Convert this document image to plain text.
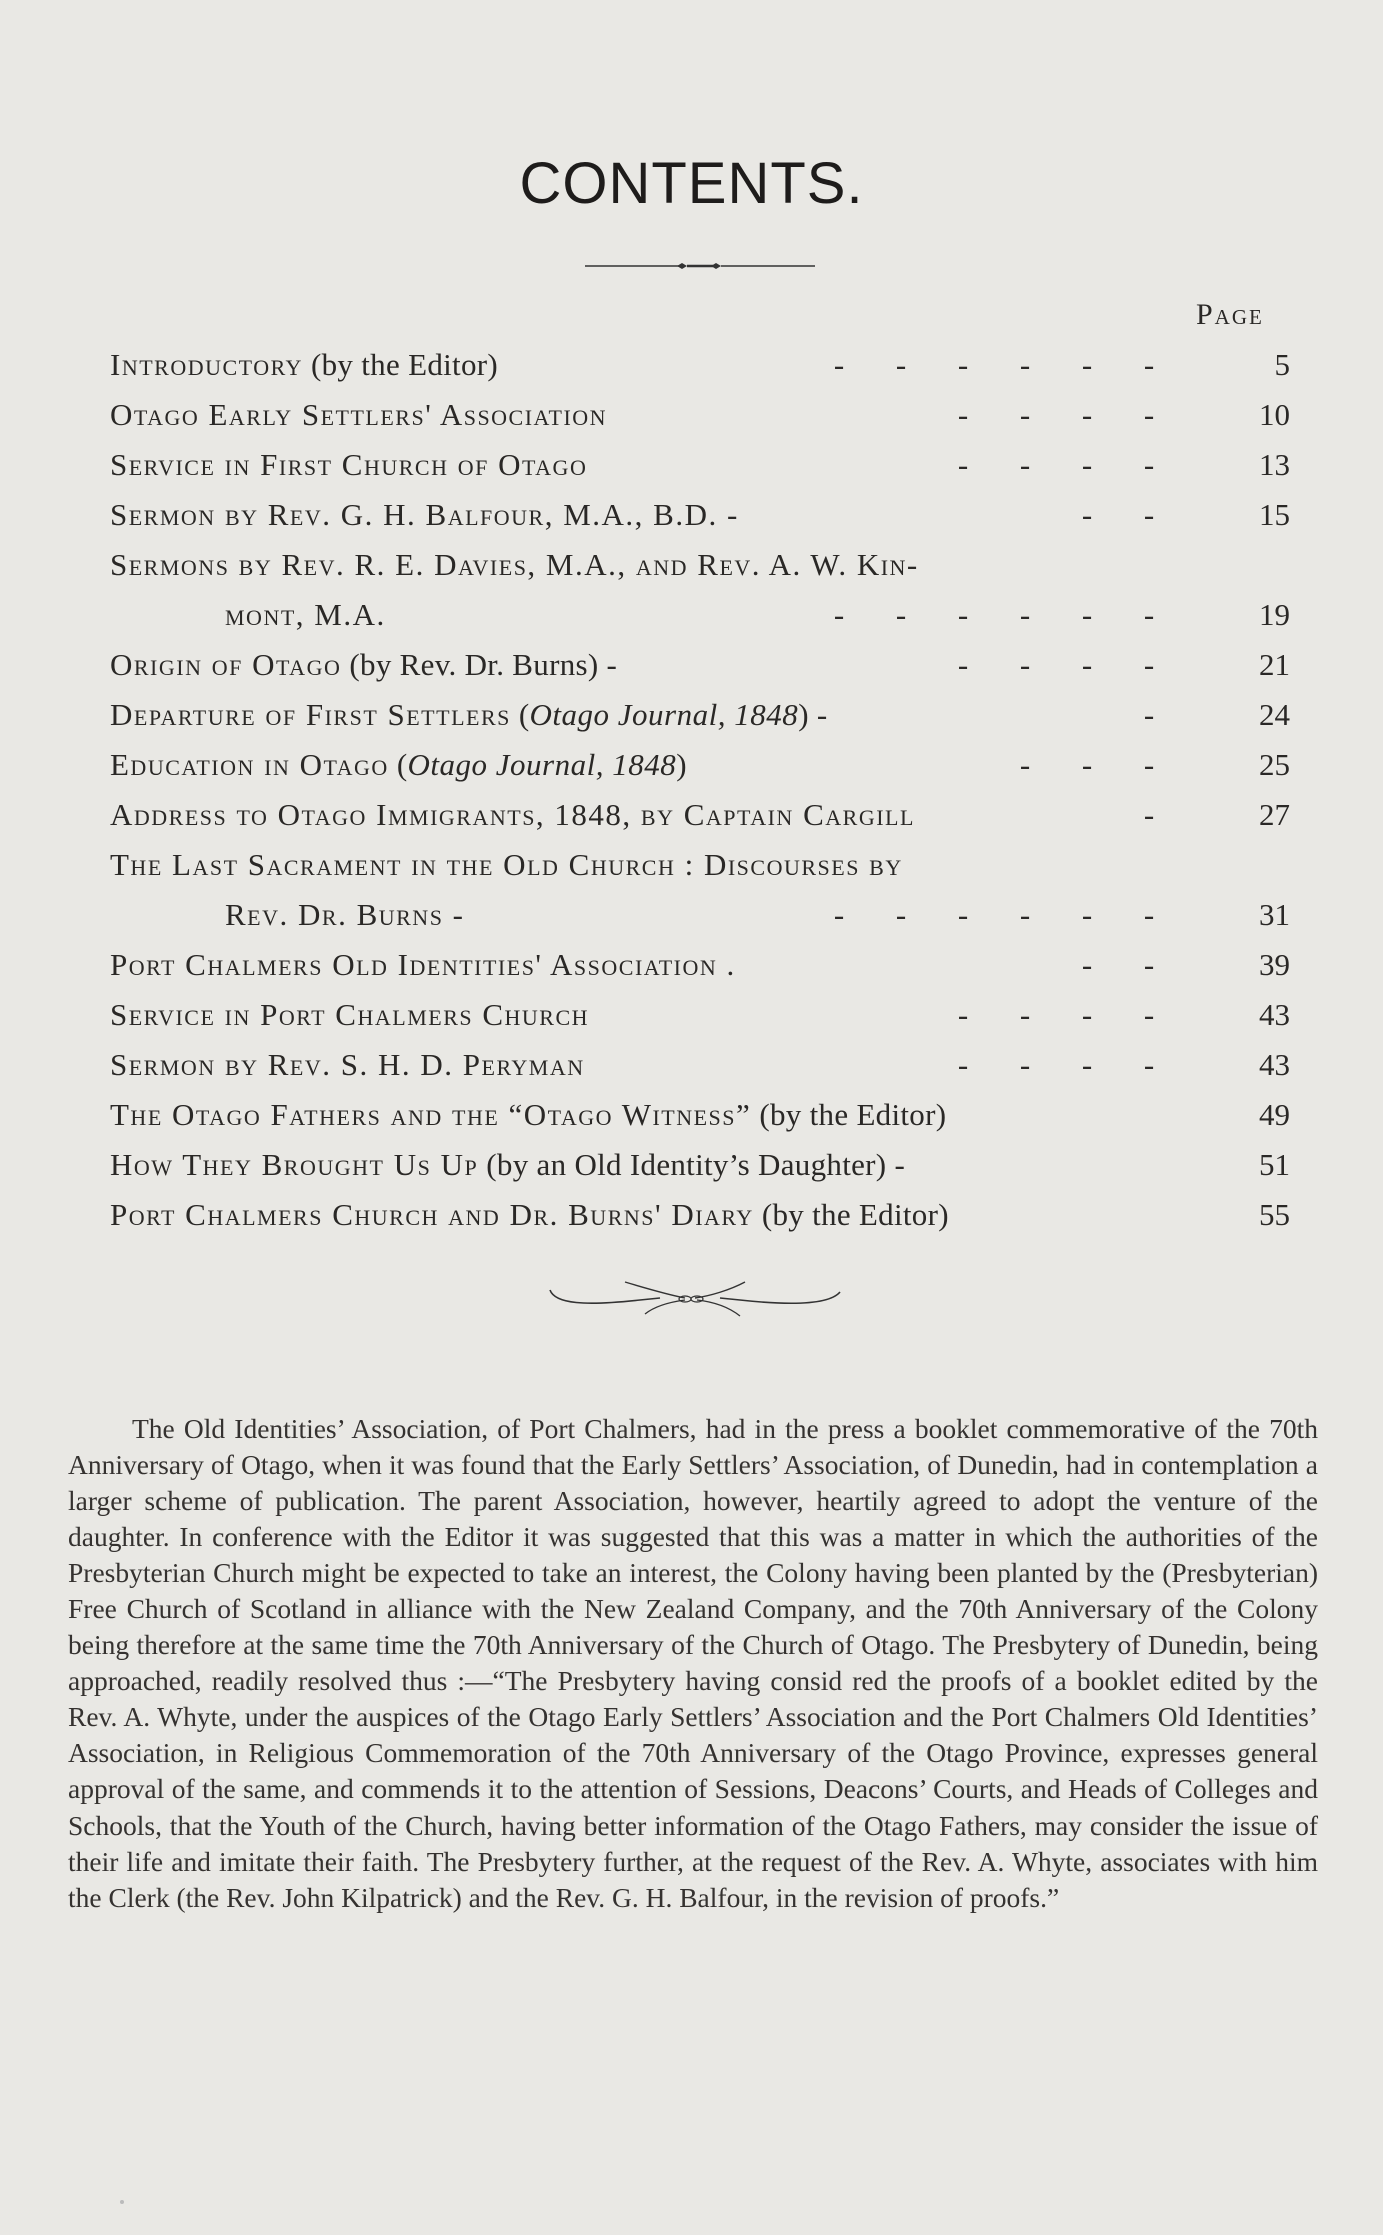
CONTENTS.
Page
Introductory (by the Editor)	- - - - - -	5
Otago Early Settlers' Association	- - - -	10
Service in First Church of Otago	- - - -	13
Sermon by Rev. G. H. Balfour, M.A., B.D. -	- -	15
Sermons by Rev. R. E. Davies, M.A., and Rev. A. W. Kin-
mont, M.A.	- - - - - -	19
Origin of Otago (by Rev. Dr. Burns) -	- - - -	21
Departure of First Settlers (Otago Journal, 1848) -	-	24
Education in Otago (Otago Journal, 1848)	- - -	25
Address to Otago Immigrants, 1848, by Captain Cargill	-	27
The Last Sacrament in the Old Church : Discourses by
Rev. Dr. Burns -	- - - - - -	31
Port Chalmers Old Identities' Association .	- -	39
Service in Port Chalmers Church	- - - -	43
Sermon by Rev. S. H. D. Peryman	- - - -	43
The Otago Fathers and the “Otago Witness” (by the Editor)	49
How They Brought Us Up (by an Old Identity’s Daughter) -	51
Port Chalmers Church and Dr. Burns' Diary (by the Editor)	55

The Old Identities’ Association, of Port Chalmers, had in the press a booklet commemorative of the 70th Anniversary of Otago, when it was found that the Early Settlers’ Association, of Dunedin, had in contemplation a larger scheme of publication. The parent Association, however, heartily agreed to adopt the venture of the daughter. In conference with the Editor it was suggested that this was a matter in which the authorities of the Presbyterian Church might be expected to take an interest, the Colony having been planted by the (Presbyterian) Free Church of Scotland in alliance with the New Zealand Company, and the 70th Anniversary of the Colony being therefore at the same time the 70th Anniversary of the Church of Otago. The Presbytery of Dunedin, being approached, readily resolved thus :—“The Presbytery having consid red the proofs of a booklet edited by the Rev. A. Whyte, under the auspices of the Otago Early Settlers’ Association and the Port Chalmers Old Identities’ Association, in Religious Commemoration of the 70th Anniversary of the Otago Province, expresses general approval of the same, and commends it to the attention of Sessions, Deacons’ Courts, and Heads of Colleges and Schools, that the Youth of the Church, having better information of the Otago Fathers, may consider the issue of their life and imitate their faith. The Presbytery further, at the request of the Rev. A. Whyte, associates with him the Clerk (the Rev. John Kilpatrick) and the Rev. G. H. Balfour, in the revision of proofs.”
